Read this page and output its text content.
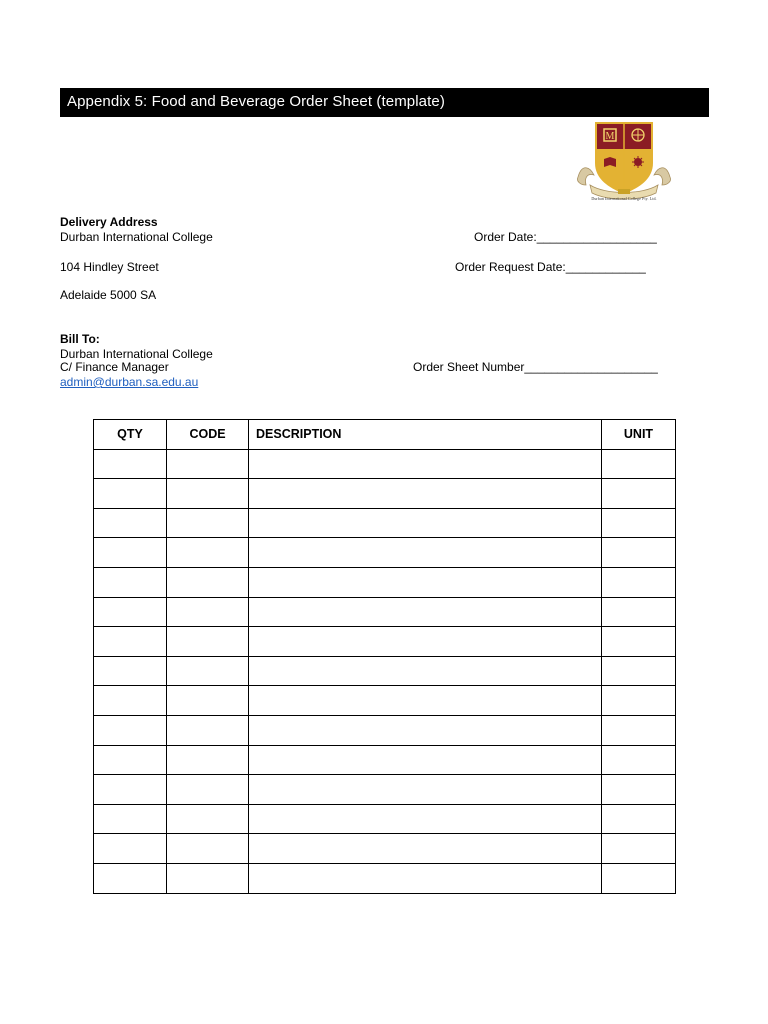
Appendix 5: Food and Beverage Order Sheet (template)
M
Durban International College Pty. Ltd.
Delivery Address
Durban International College
104 Hindley Street
Adelaide 5000 SA
Order Date:__________________
Order Request Date:____________
Bill To:
Durban International College
C/ Finance Manager
admin@durban.sa.edu.au
Order Sheet Number____________________
QTY	CODE	DESCRIPTION	UNIT
